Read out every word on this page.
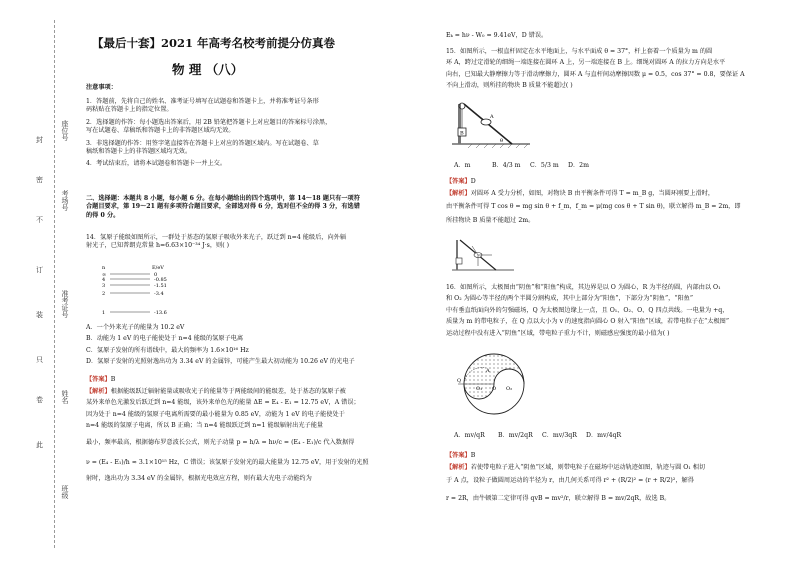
封
密
不
订
装
只
卷
此
座位号
考场号
准考证号
姓名
班级
【最后十套】2021 年高考名校考前提分仿真卷
物 理 （八）
注意事项：
1．答题前，先将自己的姓名、准考证号填写在试题卷和答题卡上，并将准考证号条形
码粘贴在答题卡上的指定位置。
2．选择题的作答：每小题选出答案后，用 2B 铅笔把答题卡上对应题目的答案标号涂黑，
写在试题卷、草稿纸和答题卡上的非答题区域均无效。
3．非选择题的作答：用签字笔直接答在答题卡上对应的答题区域内。写在试题卷、草
稿纸和答题卡上的非答题区域均无效。
4．考试结束后，请将本试题卷和答题卡一并上交。
二、选择题：本题共 8 小题，每小题 6 分。在每小题给出的四个选项中，第 14～18 题只有一项符
合题目要求，第 19～21 题有多项符合题目要求，全部选对得 6 分，选对但不全的得 3 分，有选错
的得 0 分。
14．氢原子能级如图所示，一群处于基态的氢原子吸收外来光子，跃迁到 n=4 能级后，向外辐
射光子，已知普朗克常量 h=6.63×10⁻³⁴ J·s，则( )
n	E/eV
∞	0
4	-0.85
3	-1.51
2	-3.4
1	-13.6
A．一个外来光子的能量为 10.2 eV
B．动能为 1 eV 的电子能使处于 n=4 能级的氢原子电离
C．氢原子发射的所有谱线中，最大的频率为 1.6×10¹⁶ Hz
D．氢原子发射的光照射逸出功为 3.34 eV 的金属锌，可能产生最大初动能为 10.26 eV 的光电子
【答案】B
【解析】根据能级跃迁辐射能量或吸收光子的能量等于两能级间的能级差，处于基态的氢原子被
某外来单色光激发后跃迁到 n=4 能级，该外来单色光的能量 ΔE = E₄ - E₁ = 12.75 eV，A 错误；
因为处于 n=4 能级的氢原子电离所需要的最小能量为 0.85 eV，动能为 1 eV 的电子能使处于
n=4 能级的氢原子电离，所以 B 正确；当 n=4 能级跃迁到 n=1 能级辐射出光子能量
最小，频率最高，根据德布罗意波长公式，则光子动量 p = h/λ = hν/c = (E₄ - E₁)/c 代入数据得
ν = (E₄ - E₁)/h ≈ 3.1×10¹⁵ Hz，C 错误；该氢原子发射光的最大能量为 12.75 eV，用于发射的光照
射时，逸出功为 3.34 eV 的金属锌，根据光电效应方程，则有最大光电子动能约为
Eₖ = hν - W₀ = 9.41eV，D 错误。
15．如图所示，一根直杆固定在水平地面上，与水平面成 θ = 37°，杆上套着一个质量为 m 的圆
环 A，跨过定滑轮的细绳一端连接在圆环 A 上，另一端连接在 B 上。细绳对圆环 A 的拉力方向是水平
向右，已知最大静摩擦力等于滑动摩擦力，圆环 A 与直杆间动摩擦因数 μ = 0.5，cos 37° = 0.8，要保证 A
不向上滑动，则所挂的物块 B 质量不能超过( )
B
A
θ
A．m	B．4/3 m C．5/3 m D．2m
【答案】D
【解析】对圆环 A 受力分析，如图，对物块 B 由平衡条件可得 T = m_B g，当圆环刚要上滑时，
由平衡条件可得 T cos θ = mg sin θ + f_m，f_m = μ(mg cos θ + T sin θ)，联立解得 m_B = 2m，即
所挂物块 B 质量不能超过 2m。
16．如图所示，太极图由“阴鱼”和“阳鱼”构成，其边界是以 O 为圆心，R 为半径的圆，内部由以 O₁
和 O₂ 为圆心等半径的两个半圆分割构成，其中上部分为“阳鱼”，下部分为“阴鱼”，“阳鱼”
中有垂直纸面向外的匀强磁场，Q 为太极图边缘上一点，且 O₁、O₂、O、Q 四点共线。一电量为 +q，
质量为 m 的带电粒子，在 Q 点以大小为 v 的速度指向圆心 O 射入“阳鱼”区域，若带电粒子在“太极图”
运动过程中没有进入“阴鱼”区域，带电粒子重力不计，则磁感应强度的最小值为( )
Q
O
O₁	O₂
A
A．mv/qR B．mv/2qR C．mv/3qR D．mv/4qR
【答案】B
【解析】若使带电粒子进入“阴鱼”区域，则带电粒子在磁场中运动轨迹如图，轨迹与圆 O₁ 相切
于 A 点，设粒子做圆周运动的半径为 r，由几何关系可得 r² + (R/2)² = (r + R/2)²，解得
r = 2R，由牛顿第二定律可得 qvB = mv²/r，联立解得 B = mv/2qR，故选 B。
